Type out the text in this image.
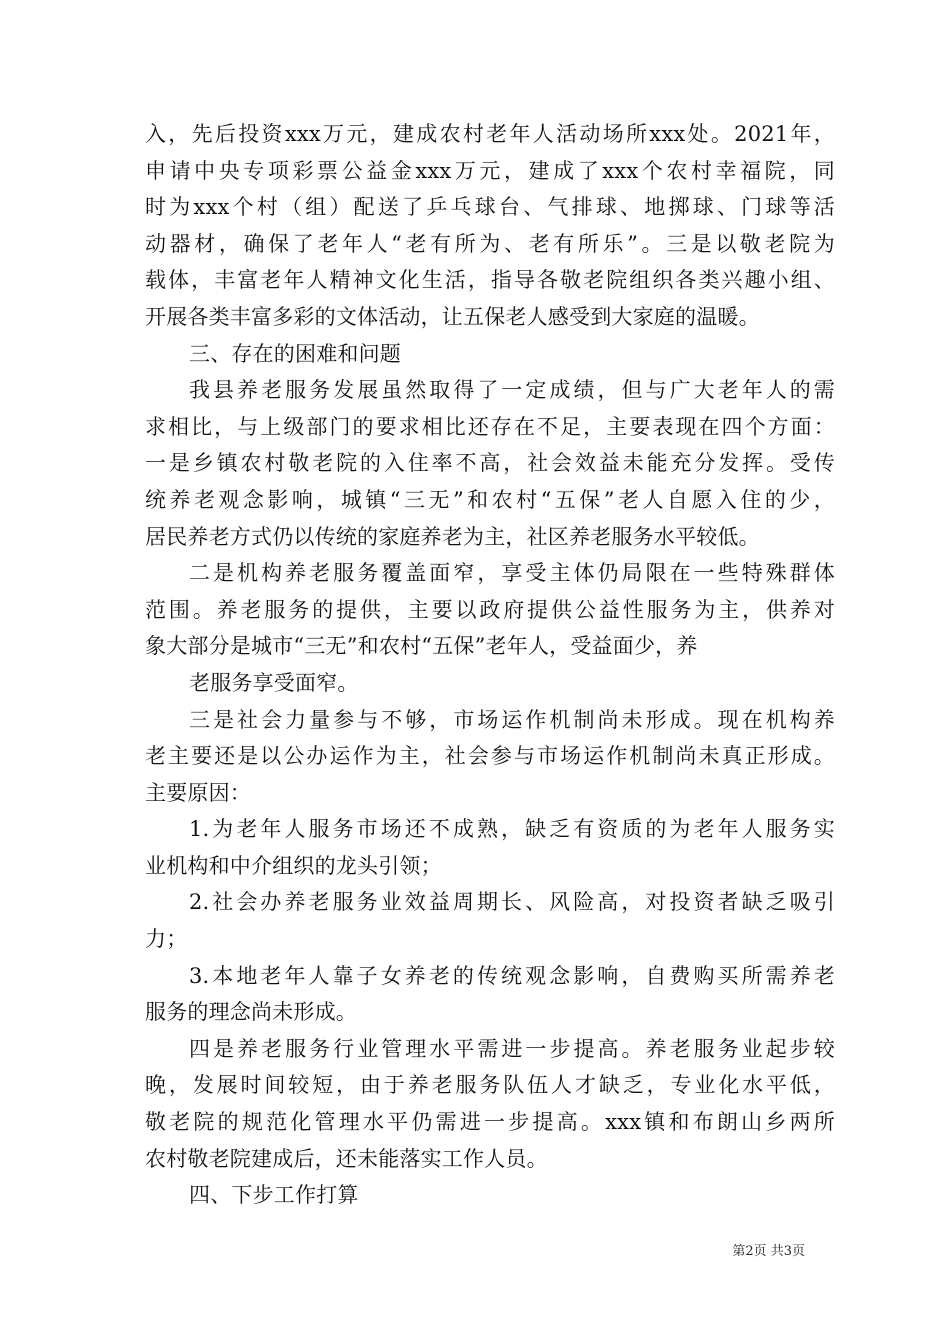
入，先后投资xxx万元，建成农村老年人活动场所xxx处。2021年，
申请中央专项彩票公益金xxx万元，建成了xxx个农村幸福院，同
时为xxx个村（组）配送了乒乓球台、气排球、地掷球、门球等活
动器材，确保了老年人“老有所为、老有所乐”。三是以敬老院为
载体，丰富老年人精神文化生活，指导各敬老院组织各类兴趣小组、
开展各类丰富多彩的文体活动，让五保老人感受到大家庭的温暖。
三、存在的困难和问题
我县养老服务发展虽然取得了一定成绩，但与广大老年人的需
求相比，与上级部门的要求相比还存在不足，主要表现在四个方面：
一是乡镇农村敬老院的入住率不高，社会效益未能充分发挥。受传
统养老观念影响，城镇“三无”和农村“五保”老人自愿入住的少，
居民养老方式仍以传统的家庭养老为主，社区养老服务水平较低。
二是机构养老服务覆盖面窄，享受主体仍局限在一些特殊群体
范围。养老服务的提供，主要以政府提供公益性服务为主，供养对
象大部分是城市“三无”和农村“五保”老年人，受益面少，养
老服务享受面窄。
三是社会力量参与不够，市场运作机制尚未形成。现在机构养
老主要还是以公办运作为主，社会参与市场运作机制尚未真正形成。
主要原因：
1.为老年人服务市场还不成熟，缺乏有资质的为老年人服务实
业机构和中介组织的龙头引领；
2.社会办养老服务业效益周期长、风险高，对投资者缺乏吸引
力；
3.本地老年人靠子女养老的传统观念影响，自费购买所需养老
服务的理念尚未形成。
四是养老服务行业管理水平需进一步提高。养老服务业起步较
晚，发展时间较短，由于养老服务队伍人才缺乏，专业化水平低，
敬老院的规范化管理水平仍需进一步提高。xxx镇和布朗山乡两所
农村敬老院建成后，还未能落实工作人员。
四、下步工作打算
第2页 共3页
